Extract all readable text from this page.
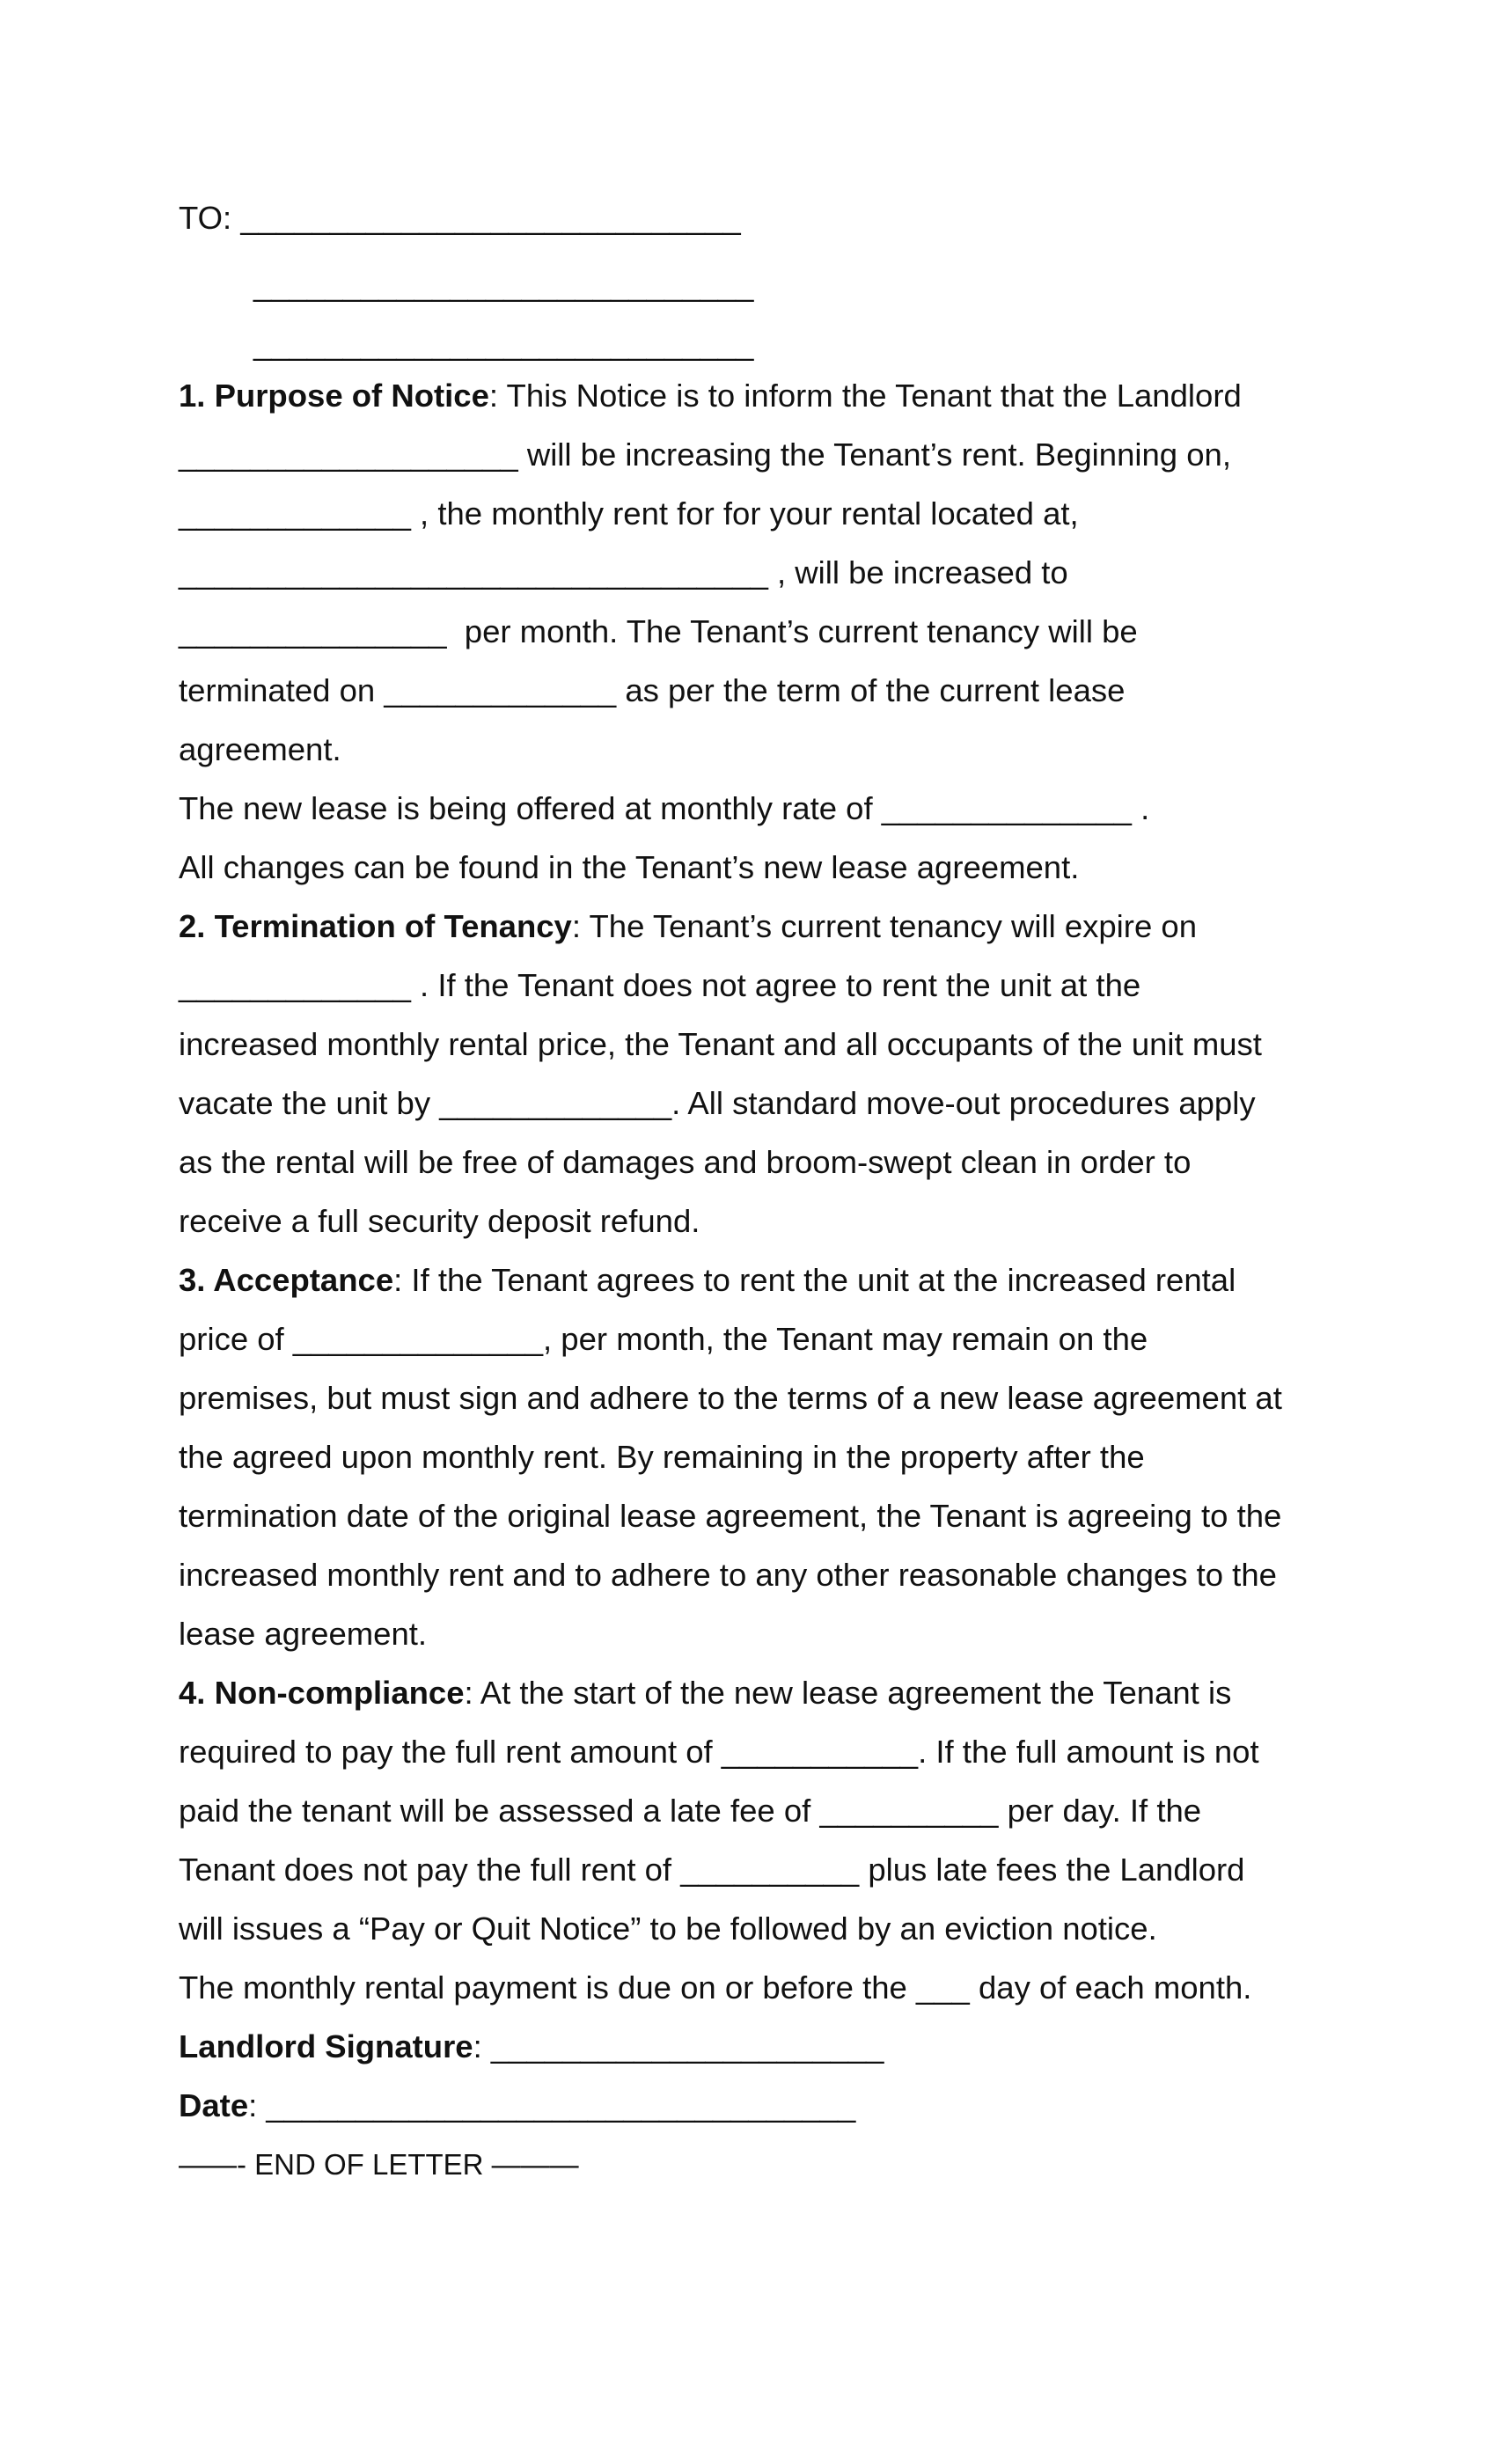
TO: ____________________________
____________________________
____________________________
1. Purpose of Notice: This Notice is to inform the Tenant that the Landlord
___________________ will be increasing the Tenant’s rent. Beginning on,
_____________ , the monthly rent for for your rental located at,
_________________________________ , will be increased to
_______________  per month. The Tenant’s current tenancy will be
terminated on _____________ as per the term of the current lease
agreement.
The new lease is being offered at monthly rate of ______________ .
All changes can be found in the Tenant’s new lease agreement.
2. Termination of Tenancy: The Tenant’s current tenancy will expire on
_____________ . If the Tenant does not agree to rent the unit at the
increased monthly rental price, the Tenant and all occupants of the unit must
vacate the unit by _____________. All standard move-out procedures apply
as the rental will be free of damages and broom-swept clean in order to
receive a full security deposit refund.
3. Acceptance: If the Tenant agrees to rent the unit at the increased rental
price of ______________, per month, the Tenant may remain on the
premises, but must sign and adhere to the terms of a new lease agreement at
the agreed upon monthly rent. By remaining in the property after the
termination date of the original lease agreement, the Tenant is agreeing to the
increased monthly rent and to adhere to any other reasonable changes to the
lease agreement.
4. Non-compliance: At the start of the new lease agreement the Tenant is
required to pay the full rent amount of ___________. If the full amount is not
paid the tenant will be assessed a late fee of __________ per day. If the
Tenant does not pay the full rent of __________ plus late fees the Landlord
will issues a “Pay or Quit Notice” to be followed by an eviction notice.
The monthly rental payment is due on or before the ___ day of each month.
Landlord Signature: ______________________
Date: _________________________________
——- END OF LETTER ———
